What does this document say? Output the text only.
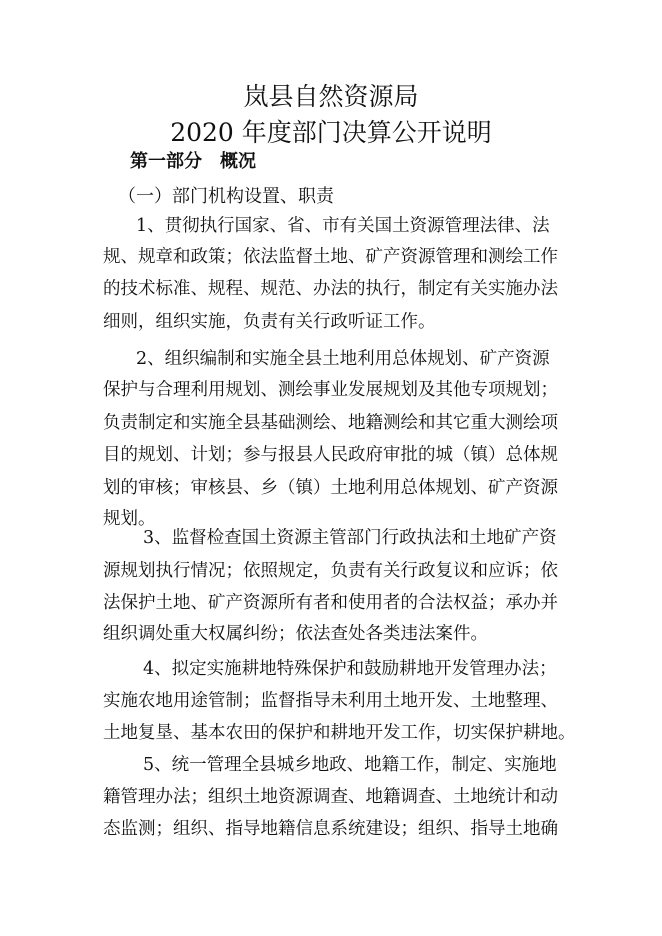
岚县自然资源局
2020 年度部门决算公开说明
第一部分　概况
（一）部门机构设置、职责
1、贯彻执行国家、省、市有关国土资源管理法律、法
规、规章和政策；依法监督土地、矿产资源管理和测绘工作
的技术标准、规程、规范、办法的执行，制定有关实施办法
细则，组织实施，负责有关行政听证工作。
2、组织编制和实施全县土地利用总体规划、矿产资源
保护与合理利用规划、测绘事业发展规划及其他专项规划；
负责制定和实施全县基础测绘、地籍测绘和其它重大测绘项
目的规划、计划；参与报县人民政府审批的城（镇）总体规
划的审核；审核县、乡（镇）土地利用总体规划、矿产资源
规划。
3、监督检查国土资源主管部门行政执法和土地矿产资
源规划执行情况；依照规定，负责有关行政复议和应诉；依
法保护土地、矿产资源所有者和使用者的合法权益；承办并
组织调处重大权属纠纷；依法查处各类违法案件。
4、拟定实施耕地特殊保护和鼓励耕地开发管理办法；
实施农地用途管制；监督指导未利用土地开发、土地整理、
土地复垦、基本农田的保护和耕地开发工作，切实保护耕地。
5、统一管理全县城乡地政、地籍工作，制定、实施地
籍管理办法；组织土地资源调查、地籍调查、土地统计和动
态监测；组织、指导地籍信息系统建设；组织、指导土地确
